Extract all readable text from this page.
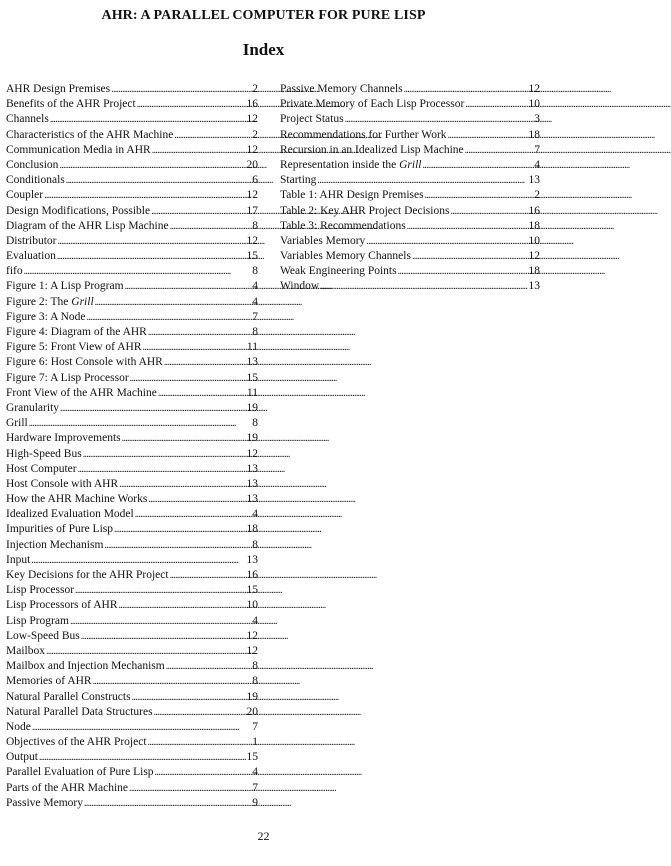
AHR: A PARALLEL COMPUTER FOR PURE LISP
Index
AHR Design Premises . . .	2
Benefits of the AHR Project . . .	16
Channels . . .	12
Characteristics of the AHR Machine . . .	2
Communication Media in AHR . . .	12
Conclusion . . .	20
Conditionals . . .	6
Coupler . . .	12
Design Modifications, Possible . . .	17
Diagram of the AHR Lisp Machine . . .	8
Distributor . . .	12
Evaluation . . .	15
fifo . . .	8
Figure 1: A Lisp Program . . .	4
Figure 2: The Grill . . .	4
Figure 3: A Node . . .	7
Figure 4: Diagram of the AHR . . .	8
Figure 5: Front View of AHR . . .	11
Figure 6: Host Console with AHR . . .	13
Figure 7: A Lisp Processor . . .	15
Front View of the AHR Machine . . .	11
Granularity . . .	19
Grill . . .	8
Hardware Improvements . . .	19
High-Speed Bus . . .	12
Host Computer . . .	13
Host Console with AHR . . .	13
How the AHR Machine Works . . .	13
Idealized Evaluation Model . . .	4
Impurities of Pure Lisp . . .	18
Injection Mechanism . . .	8
Input . . .	13
Key Decisions for the AHR Project . . .	16
Lisp Processor . . .	15
Lisp Processors of AHR . . .	10
Lisp Program . . .	4
Low-Speed Bus . . .	12
Mailbox . . .	12
Mailbox and Injection Mechanism . . .	8
Memories of AHR . . .	8
Natural Parallel Constructs . . .	19
Natural Parallel Data Structures . . .	20
Node . . .	7
Objectives of the AHR Project . . .	1
Output . . .	15
Parallel Evaluation of Pure Lisp . . .	4
Parts of the AHR Machine . . .	7
Passive Memory . . .	9
Passive Memory Channels . . .	12
Private Memory of Each Lisp Processor . . .	10
Project Status . . .	3
Recommendations for Further Work . . .	18
Recursion in an Idealized Lisp Machine . . .	7
Representation inside the Grill . . .	4
Starting . . .	13
Table 1: AHR Design Premises . . .	2
Table 2: Key AHR Project Decisions . . .	16
Table 3: Recommendations . . .	18
Variables Memory . . .	10
Variables Memory Channels . . .	12
Weak Engineering Points . . .	18
Window . . .	13
22
